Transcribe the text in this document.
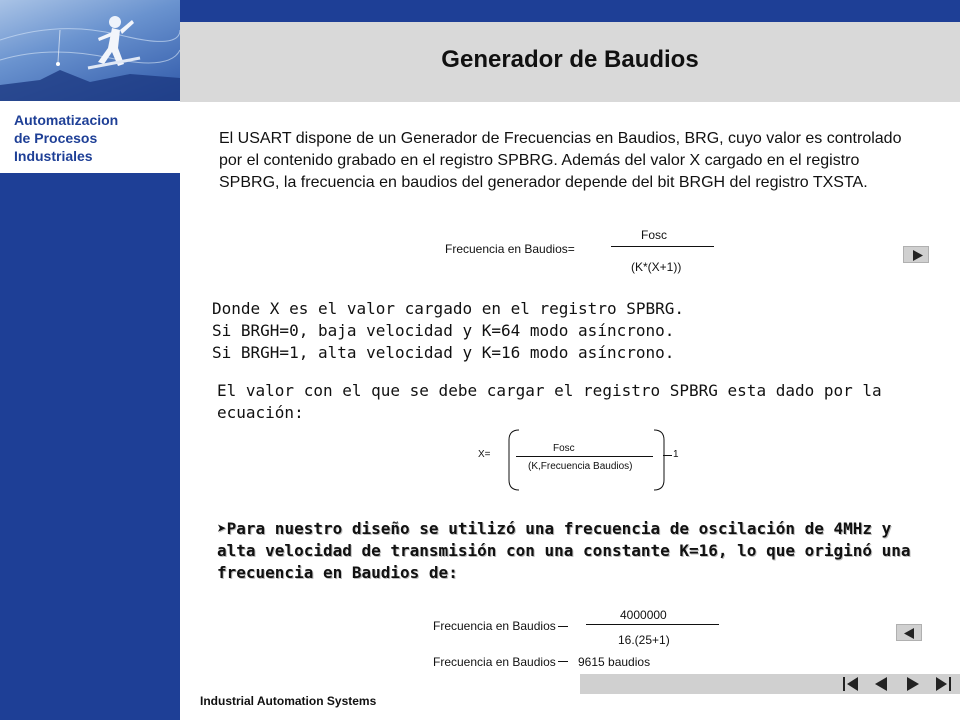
Automatizacion
de Procesos
Industriales
Generador de Baudios
El USART dispone de un Generador de Frecuencias en Baudios, BRG, cuyo valor es controlado por el contenido grabado en el registro SPBRG. Además del valor X cargado en el registro SPBRG, la frecuencia en baudios del generador depende del bit BRGH del registro TXSTA.
Frecuencia en Baudios=
Fosc
(K*(X+1))
Donde X es el valor cargado en el registro SPBRG.
Si BRGH=0, baja velocidad y K=64 modo asíncrono.
Si BRGH=1, alta velocidad y K=16 modo asíncrono.
El valor con el que se debe cargar el registro SPBRG esta dado por la ecuación:
X=
Fosc
(K,Frecuencia Baudios)
1
➤Para nuestro diseño se utilizó una frecuencia de oscilación de 4MHz y alta velocidad de transmisión con una constante K=16, lo que originó una frecuencia en Baudios de:
Frecuencia en Baudios
4000000
16.(25+1)
Frecuencia en Baudios 9615 baudios
Industrial Automation Systems
